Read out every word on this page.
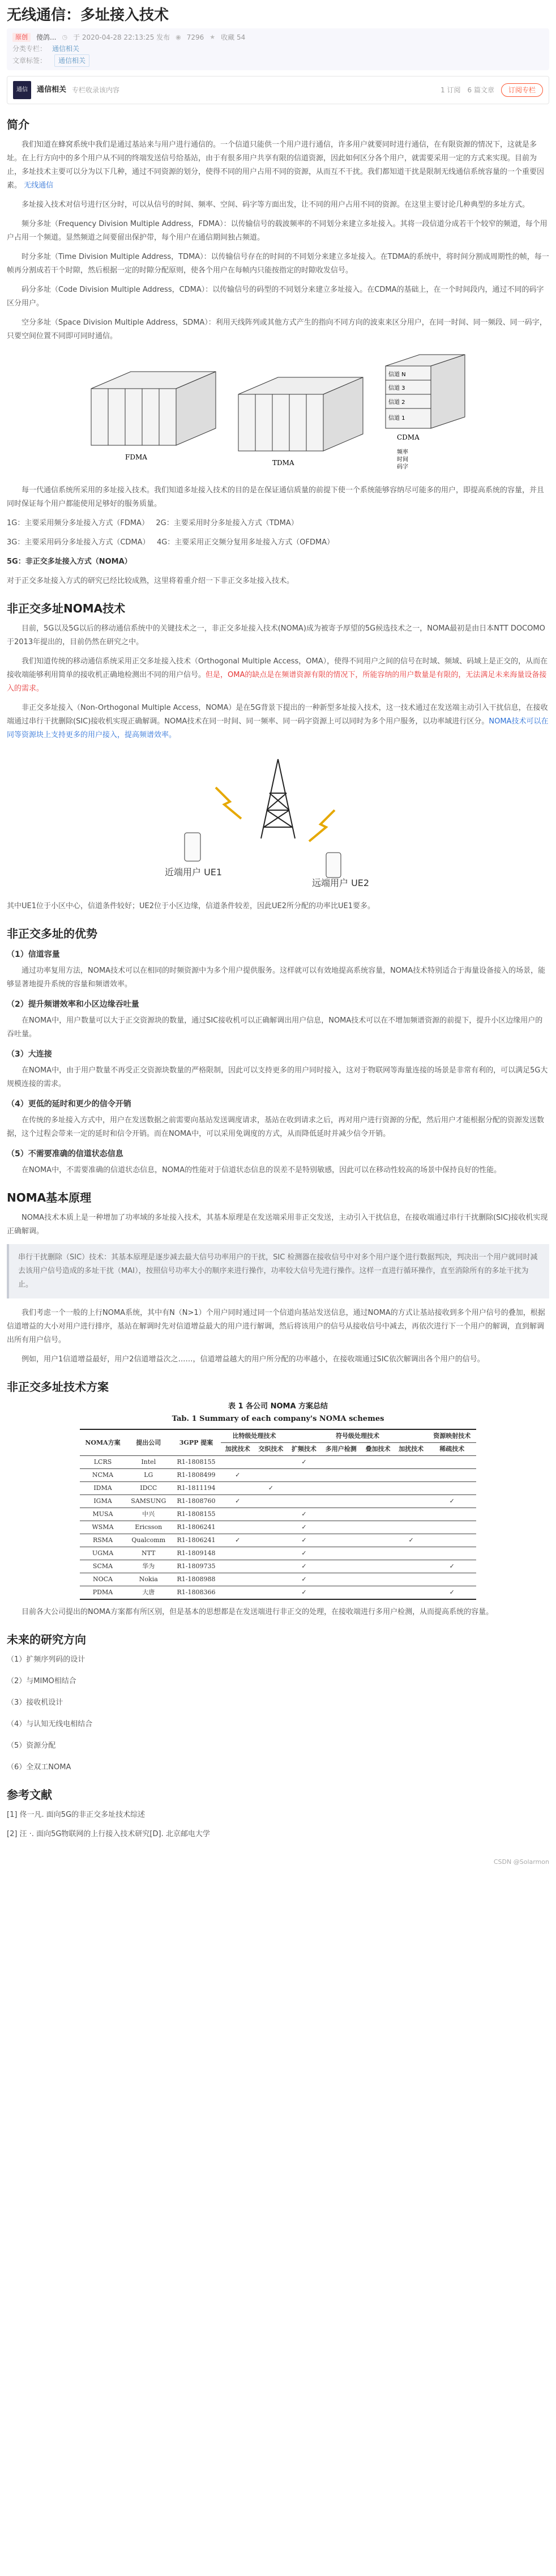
无线通信：多址接入技术
原创	傻鸽... ◷ 于 2020-04-28 22:13:25 发布 ◉ 7296 ★ 收藏 54
分类专栏： 通信相关
文章标签：	通信相关
通信	通信相关 专栏收录该内容	1 订阅 6 篇文章	订阅专栏
简介

我们知道在蜂窝系统中我们是通过基站来与用户进行通信的。一个信道只能供一个用户进行通信，许多用户就要同时进行通信，在有限资源的情况下，这就是多址。在上行方向中的多个用户从不同的终端发送信号给基站，由于有很多用户共享有限的信道资源，因此如何区分各个用户，就需要采用一定的方式来实现。目前为止，多址技术主要可以分为以下几种，通过不同资源的划分，使得不同的用户占用不同的资源，从而互不干扰。我们都知道干扰是限制无线通信系统容量的一个重要因素。 无线通信

多址接入技术对信号进行区分时，可以从信号的时间、频率、空间、码字等方面出发，让不同的用户占用不同的资源。在这里主要讨论几种典型的多址方式。

频分多址（Frequency Division Multiple Address，FDMA）：以传输信号的载波频率的不同划分来建立多址接入。其将一段信道分成若干个较窄的频道，每个用户占用一个频道。显然频道之间要留出保护带，每个用户在通信期间独占频道。

时分多址（Time Division Multiple Address，TDMA）：以传输信号存在的时间的不同划分来建立多址接入。在TDMA的系统中，将时间分割成周期性的帧，每一帧再分割成若干个时隙，然后根据一定的时隙分配原则，使各个用户在每帧内只能按指定的时隙收发信号。

码分多址（Code Division Multiple Address，CDMA）：以传输信号的码型的不同划分来建立多址接入。在CDMA的基础上，在一个时间段内，通过不同的码字区分用户。

空分多址（Space Division Multiple Address，SDMA）：利用天线阵列或其他方式产生的指向不同方向的波束来区分用户，在同一时间、同一频段、同一码字，只要空间位置不同即可同时通信。

FDMA
TDMA
CDMA
信道 N
信道 3
信道 2
信道 1
频率
时间
码字

每一代通信系统所采用的多址接入技术。我们知道多址接入技术的目的是在保证通信质量的前提下使一个系统能够容纳尽可能多的用户，即提高系统的容量，并且同时保证每个用户都能使用足够好的服务质量。

1G：主要采用频分多址接入方式（FDMA） 2G：主要采用时分多址接入方式（TDMA）

3G：主要采用码分多址接入方式（CDMA） 4G：主要采用正交频分复用多址接入方式（OFDMA）

5G：非正交多址接入方式（NOMA）

对于正交多址接入方式的研究已经比较成熟，这里将着重介绍一下非正交多址接入技术。

非正交多址NOMA技术

目前，5G以及5G以后的移动通信系统中的关键技术之一，非正交多址接入技术(NOMA)成为被寄予厚望的5G候选技术之一，NOMA最初是由日本NTT DOCOMO于2013年提出的，目前仍然在研究之中。

我们知道传统的移动通信系统采用正交多址接入技术（Orthogonal Multiple Access，OMA），使得不同用户之间的信号在时域、频域、码域上是正交的，从而在接收端能够利用简单的接收机正确地检测出不同的用户信号。但是，OMA的缺点是在频谱资源有限的情况下，所能容纳的用户数量是有限的，无法满足未来海量设备接入的需求。

非正交多址接入（Non-Orthogonal Multiple Access，NOMA）是在5G背景下提出的一种新型多址接入技术，这一技术通过在发送端主动引入干扰信息，在接收端通过串行干扰删除(SIC)接收机实现正确解调。NOMA技术在同一时间、同一频率、同一码字资源上可以同时为多个用户服务，以功率域进行区分。NOMA技术可以在同等资源块上支持更多的用户接入，提高频谱效率。

近端用户 UE1
远端用户 UE2

其中UE1位于小区中心，信道条件较好；UE2位于小区边缘，信道条件较差，因此UE2所分配的功率比UE1要多。

非正交多址的优势
（1）信道容量

通过功率复用方法，NOMA技术可以在相同的时频资源中为多个用户提供服务。这样就可以有效地提高系统容量，NOMA技术特别适合于海量设备接入的场景，能够显著地提升系统的容量和频谱效率。

（2）提升频谱效率和小区边缘吞吐量

在NOMA中，用户数量可以大于正交资源块的数量，通过SIC接收机可以正确解调出用户信息，NOMA技术可以在不增加频谱资源的前提下，提升小区边缘用户的吞吐量。

（3）大连接

在NOMA中，由于用户数量不再受正交资源块数量的严格限制，因此可以支持更多的用户同时接入，这对于物联网等海量连接的场景是非常有利的，可以满足5G大规模连接的需求。

（4）更低的延时和更少的信令开销

在传统的多址接入方式中，用户在发送数据之前需要向基站发送调度请求，基站在收到请求之后，再对用户进行资源的分配，然后用户才能根据分配的资源发送数据，这个过程会带来一定的延时和信令开销。而在NOMA中，可以采用免调度的方式，从而降低延时并减少信令开销。

（5）不需要准确的信道状态信息

在NOMA中，不需要准确的信道状态信息，NOMA的性能对于信道状态信息的误差不是特别敏感，因此可以在移动性较高的场景中保持良好的性能。

NOMA基本原理

NOMA技术本质上是一种增加了功率域的多址接入技术，其基本原理是在发送端采用非正交发送，主动引入干扰信息，在接收端通过串行干扰删除(SIC)接收机实现正确解调。

串行干扰删除（SIC）技术：其基本原理是逐步减去最大信号功率用户的干扰，SIC 检测器在接收信号中对多个用户逐个进行数据判决，判决出一个用户就同时减去该用户信号造成的多址干扰（MAI），按照信号功率大小的顺序来进行操作，功率较大信号先进行操作。这样一直进行循环操作，直至消除所有的多址干扰为止。

我们考虑一个一般的上行NOMA系统，其中有N（N>1）个用户同时通过同一个信道向基站发送信息，通过NOMA的方式让基站接收到多个用户信号的叠加，根据信道增益的大小对用户进行排序，基站在解调时先对信道增益最大的用户进行解调，然后将该用户的信号从接收信号中减去，再依次进行下一个用户的解调，直到解调出所有用户信号。

例如，用户1信道增益最好，用户2信道增益次之……，信道增益越大的用户所分配的功率越小，在接收端通过SIC依次解调出各个用户的信号。

非正交多址技术方案
表 1 各公司 NOMA 方案总结
Tab. 1 Summary of each company's NOMA schemes
NOMA方案	提出公司	3GPP 提案	比特级处理技术		符号级处理技术				资源映射技术
			加扰技术	交织技术	扩频技术	多用户检测	叠加技术	加扰技术	稀疏技术
LCRS	Intel	R1-1808155			✓				
NCMA	LG	R1-1808499	✓						
IDMA	IDCC	R1-1811194		✓					
IGMA	SAMSUNG	R1-1808760	✓						✓
MUSA	中兴	R1-1808155			✓				
WSMA	Ericsson	R1-1806241			✓				
RSMA	Qualcomm	R1-1806241	✓		✓			✓	
UGMA	NTT	R1-1809148			✓				
SCMA	华为	R1-1809735			✓				✓
NOCA	Nokia	R1-1808988			✓				
PDMA	大唐	R1-1808366			✓				✓

目前各大公司提出的NOMA方案都有所区别，但是基本的思想都是在发送端进行非正交的处理，在接收端进行多用户检测，从而提高系统的容量。

未来的研究方向
（1）扩频序列码的设计
（2）与MIMO相结合
（3）接收机设计
（4）与认知无线电相结合
（5）资源分配
（6）全双工NOMA
参考文献
[1] 佟一凡. 面向5G的非正交多址技术综述
[2] 汪 ·. 面向5G物联网的上行接入技术研究[D]. 北京邮电大学
CSDN @Solarmon
